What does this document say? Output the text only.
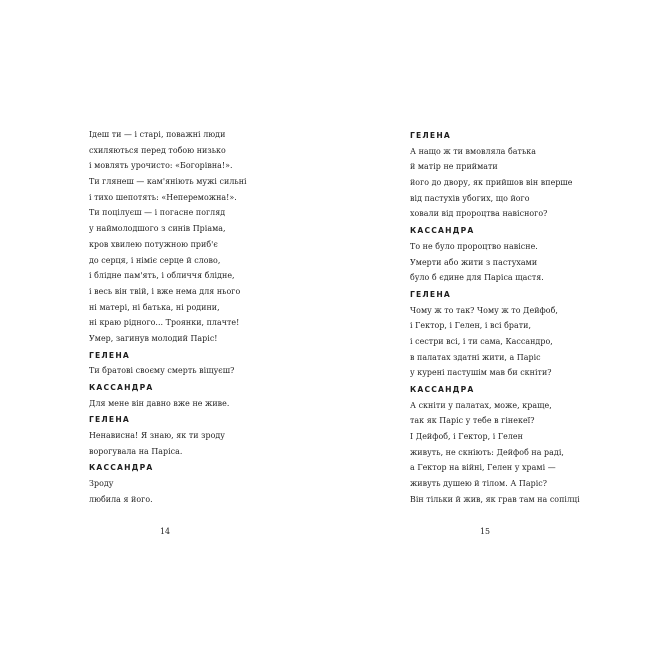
Ідеш ти — і старі, поважні люди
схиляються перед тобою низько
і мовлять урочисто: «Богорівна!».
Ти глянеш — кам'яніють мужі сильні
і тихо шепотять: «Непереможна!».
Ти поцілуєш — і погасне погляд
у наймолодшого з синів Пріама,
кров хвилею потужною приб'є
до серця, і німіє серце й слово,
і блідне пам'ять, і обличчя блідне,
і весь він твій, і вже нема для нього
ні матері, ні батька, ні родини,
ні краю рідного... Троянки, плачте!
Умер, загинув молодий Паріс!
ГЕЛЕНА
Ти братові своєму смерть віщуєш?
КАССАНДРА
Для мене він давно вже не живе.
ГЕЛЕНА
Ненависна! Я знаю, як ти зроду
ворогувала на Паріса.
КАССАНДРА
Зроду
любила я його.
14
ГЕЛЕНА
А нащо ж ти вмовляла батька
й матір не приймати
його до двору, як прийшов він вперше
від пастухів убогих, що його
ховали від пророцтва навісного?
КАССАНДРА
То не було пророцтво навісне.
Умерти або жити з пастухами
було б єдине для Паріса щастя.
ГЕЛЕНА
Чому ж то так? Чому ж то Дейфоб,
і Гектор, і Гелен, і всі брати,
і сестри всі, і ти сама, Кассандро,
в палатах здатні жити, а Паріс
у курені пастушім мав би скніти?
КАССАНДРА
А скніти у палатах, може, краще,
так як Паріс у тебе в гінекеї?
І Дейфоб, і Гектор, і Гелен
живуть, не скніють: Дейфоб на раді,
а Гектор на війні, Гелен у храмі —
живуть душею й тілом. А Паріс?
Він тільки й жив, як грав там на сопілці
15
